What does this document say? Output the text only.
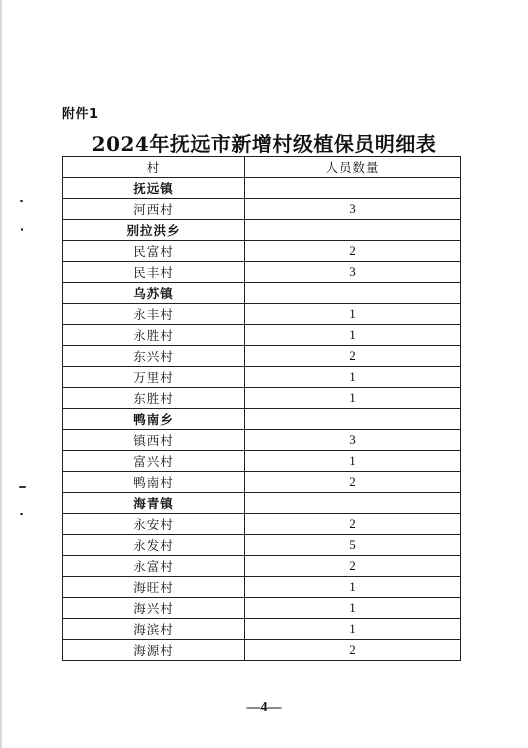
附件1
2024年抚远市新增村级植保员明细表
村	人员数量
抚远镇	
河西村	3
别拉洪乡	
民富村	2
民丰村	3
乌苏镇	
永丰村	1
永胜村	1
东兴村	2
万里村	1
东胜村	1
鸭南乡	
镇西村	3
富兴村	1
鸭南村	2
海青镇	
永安村	2
永发村	5
永富村	2
海旺村	1
海兴村	1
海滨村	1
海源村	2
—4—
